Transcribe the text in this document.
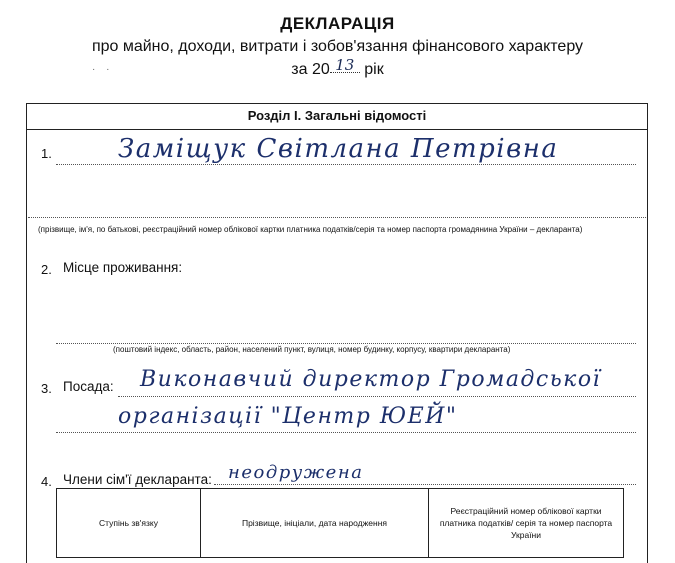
ДЕКЛАРАЦІЯ
про майно, доходи, витрати і зобов'язання фінансового характеру
за 20 13 рік
· ·
Розділ І. Загальні відомості
1.	Заміщук Світлана Петрівна
(прізвище, ім'я, по батькові, реєстраційний номер облікової картки платника податків/серія та номер паспорта громадянина України – декларанта)
2. Місце проживання:
(поштовий індекс, область, район, населений пункт, вулиця, номер будинку, корпусу, квартири декларанта)
3. Посада: Виконавчий директор Громадської
організації "Центр ЮЕЙ"
4. Члени сім'ї декларанта: неодружена
Ступінь зв'язку	Прізвище, ініціали, дата народження
Реєстраційний номер облікової картки платника податків/ серія та номер паспорта України
